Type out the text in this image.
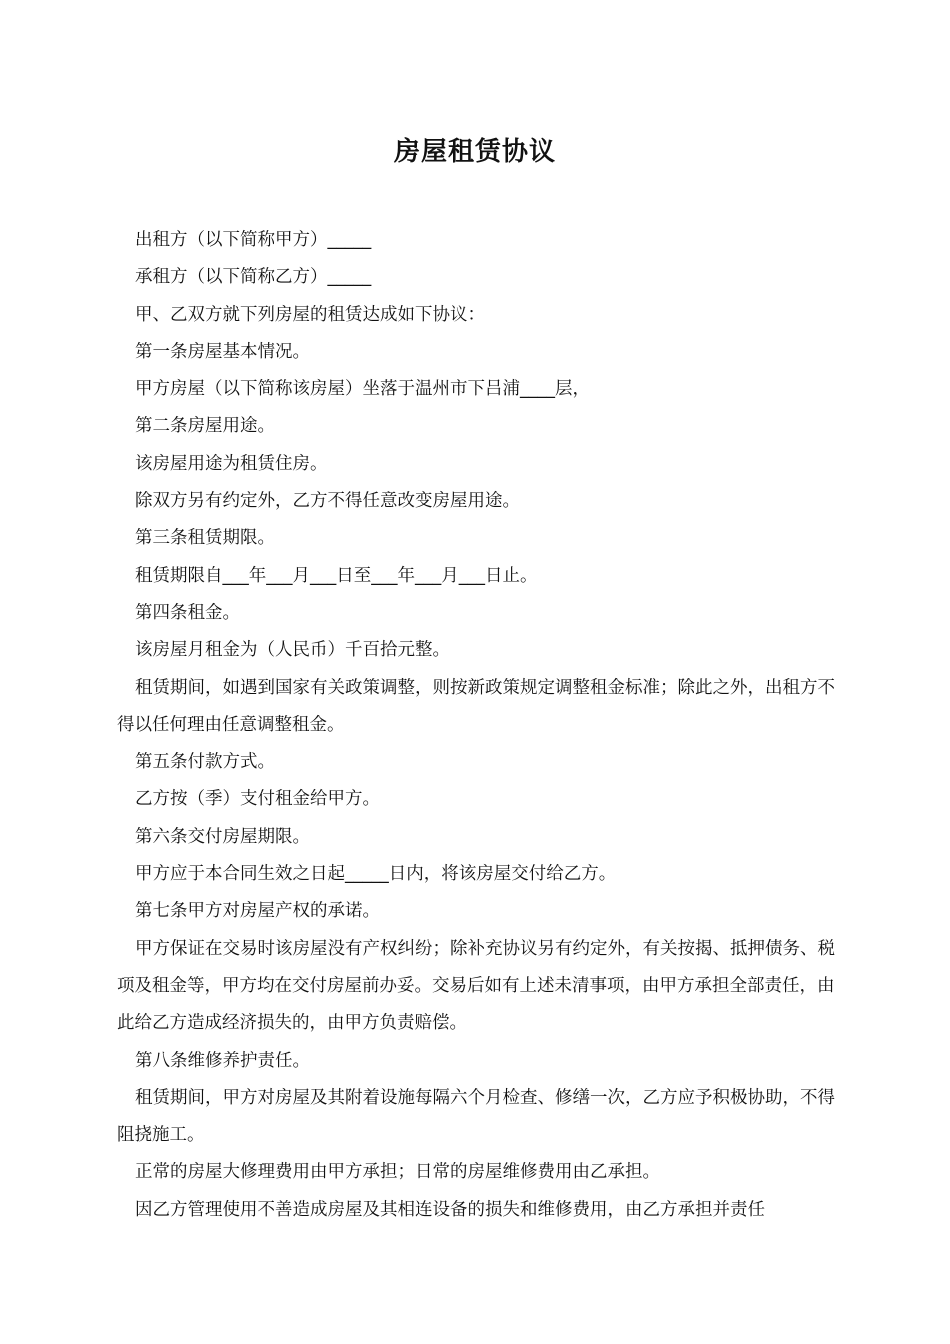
房屋租赁协议

出租方（以下简称甲方）_____

承租方（以下简称乙方）_____

甲、乙双方就下列房屋的租赁达成如下协议：

第一条房屋基本情况。

甲方房屋（以下简称该房屋）坐落于温州市下吕浦____层，

第二条房屋用途。

该房屋用途为租赁住房。

除双方另有约定外，乙方不得任意改变房屋用途。

第三条租赁期限。

租赁期限自___年___月___日至___年___月___日止。

第四条租金。

该房屋月租金为（人民币）千百拾元整。

租赁期间，如遇到国家有关政策调整，则按新政策规定调整租金标准；除此之外，出租方不得以任何理由任意调整租金。

第五条付款方式。

乙方按（季）支付租金给甲方。

第六条交付房屋期限。

甲方应于本合同生效之日起_____日内，将该房屋交付给乙方。

第七条甲方对房屋产权的承诺。

甲方保证在交易时该房屋没有产权纠纷；除补充协议另有约定外，有关按揭、抵押债务、税项及租金等，甲方均在交付房屋前办妥。交易后如有上述未清事项，由甲方承担全部责任，由此给乙方造成经济损失的，由甲方负责赔偿。

第八条维修养护责任。

租赁期间，甲方对房屋及其附着设施每隔六个月检查、修缮一次，乙方应予积极协助，不得阻挠施工。

正常的房屋大修理费用由甲方承担；日常的房屋维修费用由乙承担。

因乙方管理使用不善造成房屋及其相连设备的损失和维修费用，由乙方承担并责任
